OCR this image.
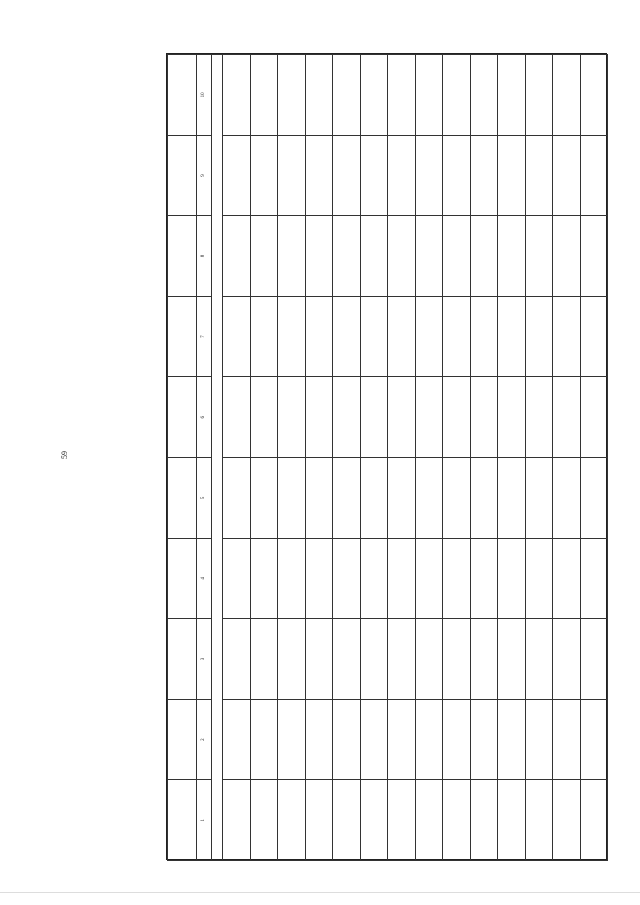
59

1	2	3	4	5	6	7	8	9	10
